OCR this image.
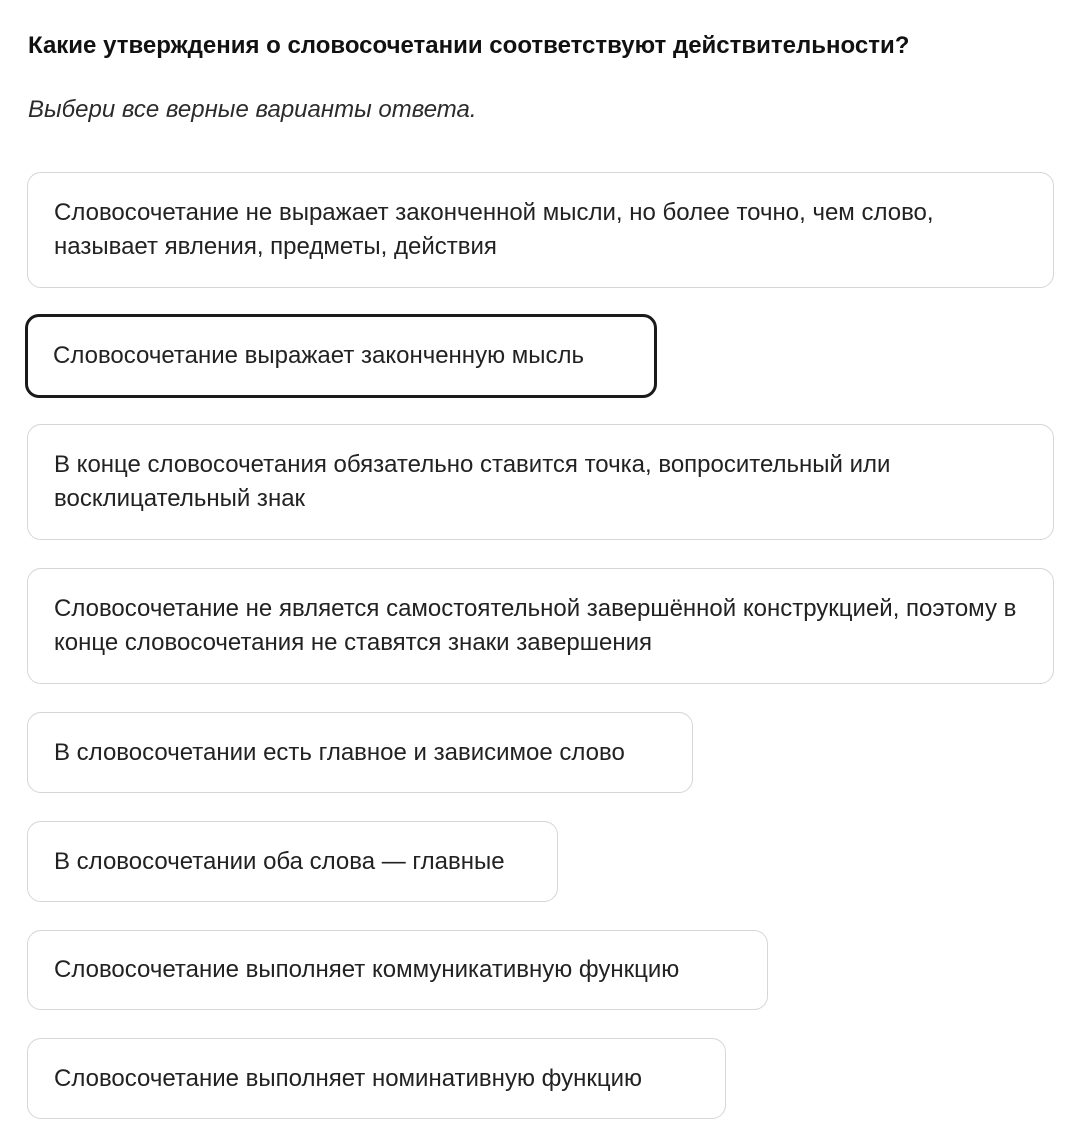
Какие утверждения о словосочетании соответствуют действительности?

Выбери все верные варианты ответа.

Словосочетание не выражает законченной мысли, но более точно, чем слово, называет явления, предметы, действия
Словосочетание выражает законченную мысль
В конце словосочетания обязательно ставится точка, вопросительный или восклицательный знак
Словосочетание не является самостоятельной завершённой конструкцией, поэтому в конце словосочетания не ставятся знаки завершения
В словосочетании есть главное и зависимое слово
В словосочетании оба слова — главные
Словосочетание выполняет коммуникативную функцию
Словосочетание выполняет номинативную функцию
